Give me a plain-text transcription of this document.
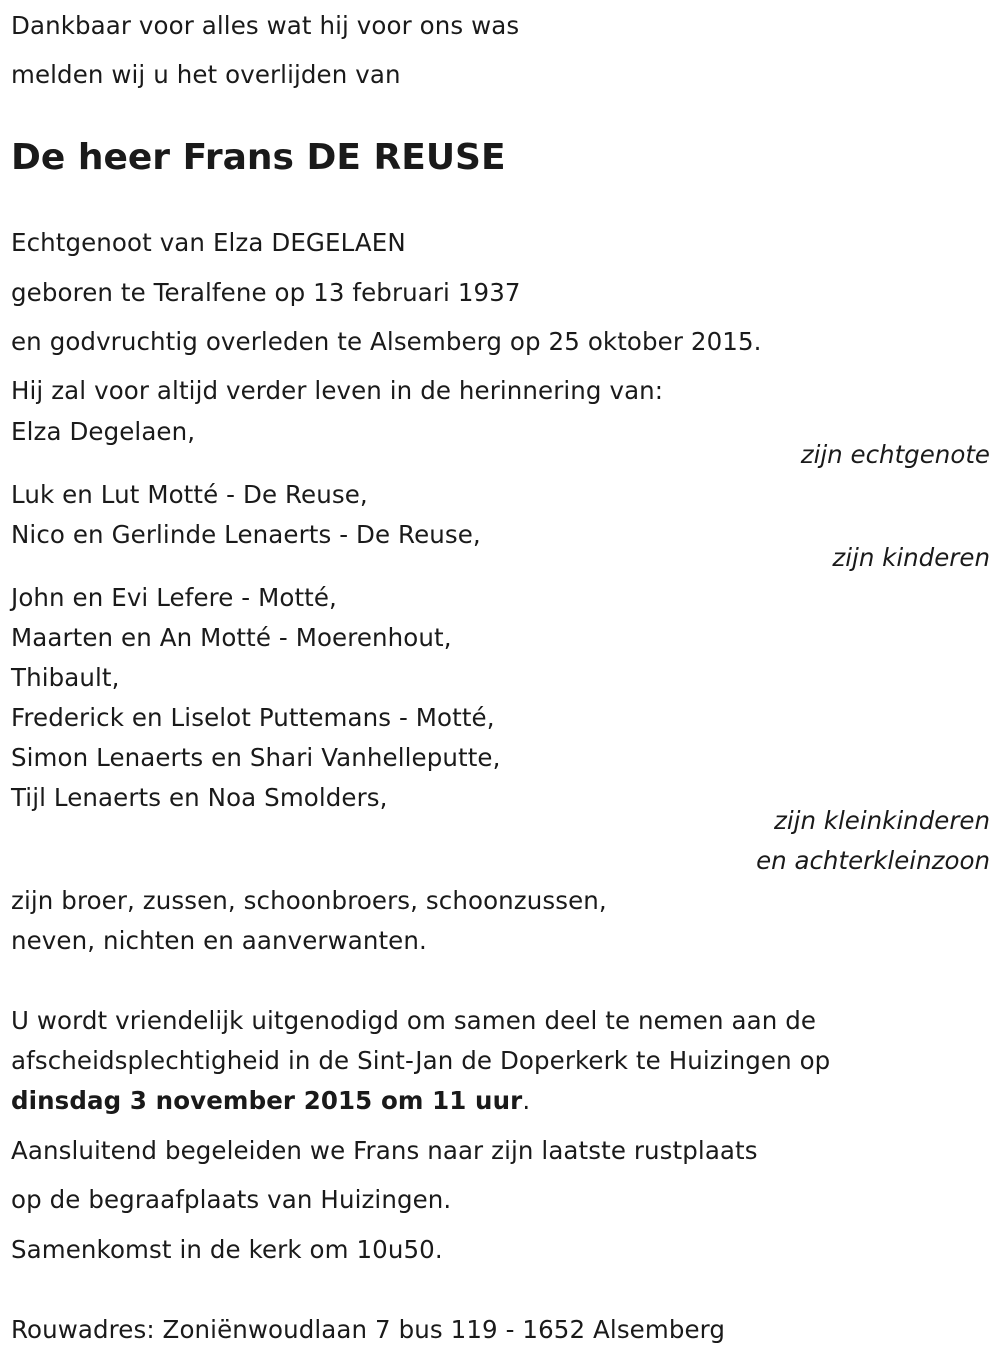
Dankbaar voor alles wat hij voor ons was
melden wij u het overlijden van
De heer Frans DE REUSE
Echtgenoot van Elza DEGELAEN
geboren te Teralfene op 13 februari 1937
en godvruchtig overleden te Alsemberg op 25 oktober 2015.
Hij zal voor altijd verder leven in de herinnering van:
Elza Degelaen,
zijn echtgenote
Luk en Lut Motté - De Reuse,
Nico en Gerlinde Lenaerts - De Reuse,
zijn kinderen
John en Evi Lefere - Motté,
Maarten en An Motté - Moerenhout,
Thibault,
Frederick en Liselot Puttemans - Motté,
Simon Lenaerts en Shari Vanhelleputte,
Tijl Lenaerts en Noa Smolders,
zijn kleinkinderen
en achterkleinzoon
zijn broer, zussen, schoonbroers, schoonzussen,
neven, nichten en aanverwanten.
U wordt vriendelijk uitgenodigd om samen deel te nemen aan de
afscheidsplechtigheid in de Sint-Jan de Doperkerk te Huizingen op
dinsdag 3 november 2015 om 11 uur.
Aansluitend begeleiden we Frans naar zijn laatste rustplaats
op de begraafplaats van Huizingen.
Samenkomst in de kerk om 10u50.
Rouwadres: Zoniënwoudlaan 7 bus 119 - 1652 Alsemberg
